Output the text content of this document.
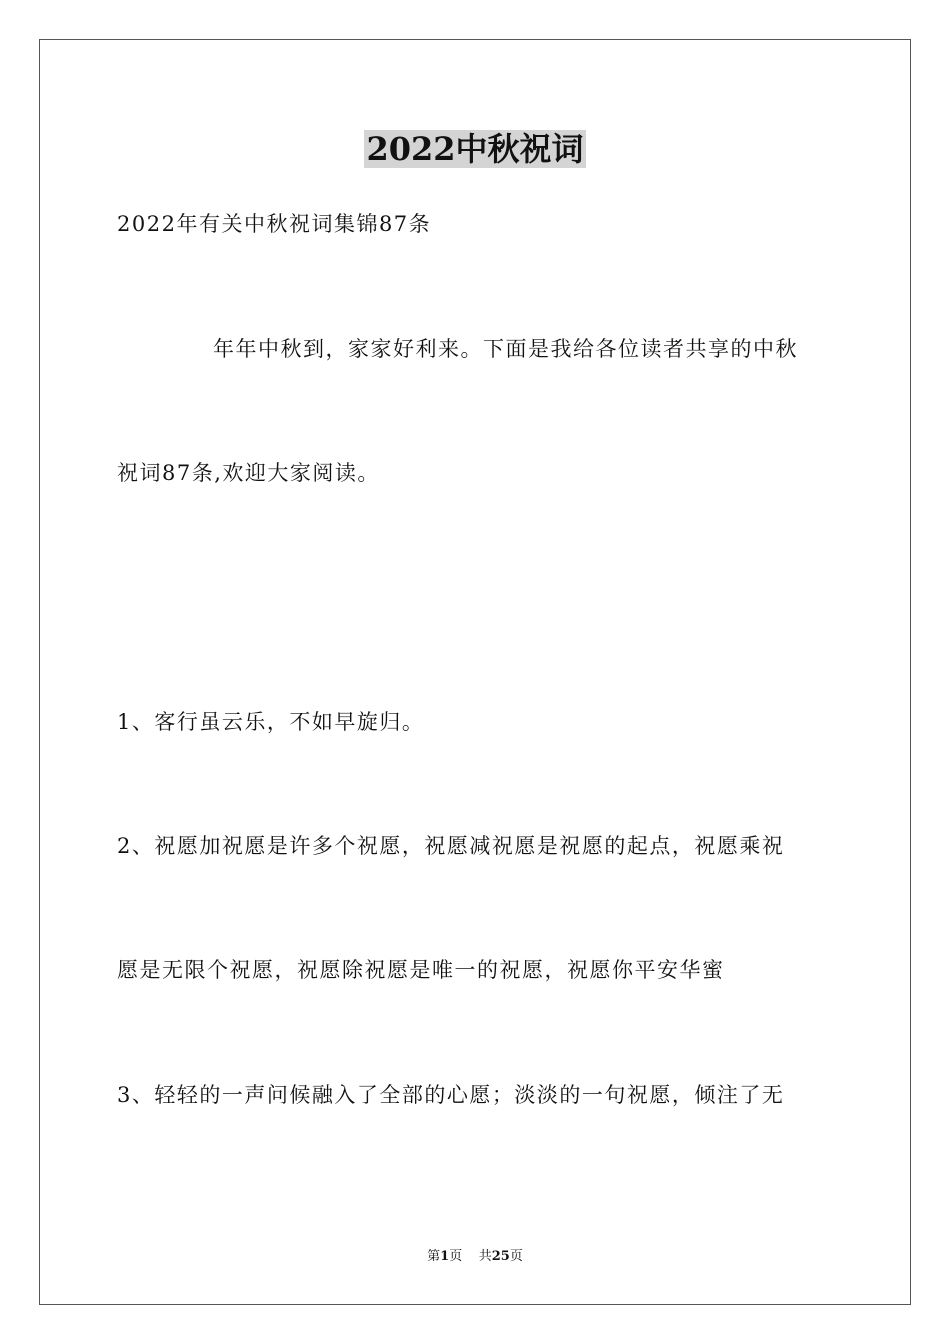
2022中秋祝词
2022年有关中秋祝词集锦87条
年年中秋到，家家好利来。下面是我给各位读者共享的中秋
祝词87条,欢迎大家阅读。
1、客行虽云乐，不如早旋归。
2、祝愿加祝愿是许多个祝愿，祝愿减祝愿是祝愿的起点，祝愿乘祝
愿是无限个祝愿，祝愿除祝愿是唯一的祝愿，祝愿你平安华蜜
3、轻轻的一声问候融入了全部的心愿；淡淡的一句祝愿，倾注了无
第1页 共25页
